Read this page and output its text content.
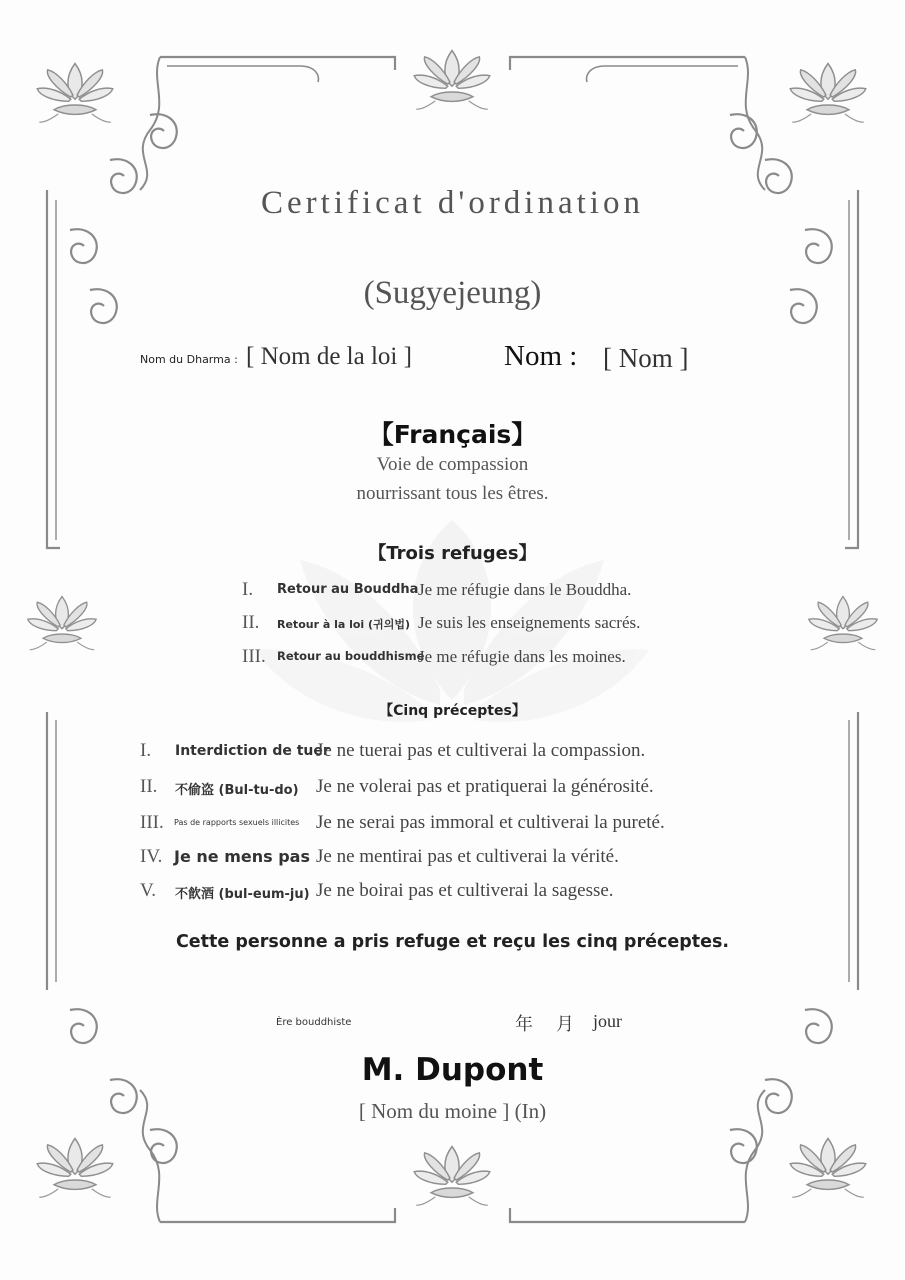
Certificat d'ordination
(Sugyejeung)
Nom du Dharma : [ Nom de la loi ]	Nom : [ Nom ]
【Français】
Voie de compassion
nourrissant tous les êtres.
【Trois refuges】
I. Retour au Bouddha Je me réfugie dans le Bouddha.
II. Retour à la loi (귀의법) Je suis les enseignements sacrés.
III. Retour au bouddhisme
Je me réfugie dans les moines.
【Cinq préceptes】
I. Interdiction de tuer
Je ne tuerai pas et cultiverai la compassion.
II. 不偷盗 (Bul-tu-do) Je ne volerai pas et pratiquerai la générosité.
III. Pas de rapports sexuels illicites Je ne serai pas immoral et cultiverai la pureté.
IV. Je ne mens pas Je ne mentirai pas et cultiverai la vérité.
V. 不飮酒 (bul-eum-ju) Je ne boirai pas et cultiverai la sagesse.
Cette personne a pris refuge et reçu les cinq préceptes.
Ère bouddhiste	年 月 jour
M. Dupont
[ Nom du moine ] (In)
